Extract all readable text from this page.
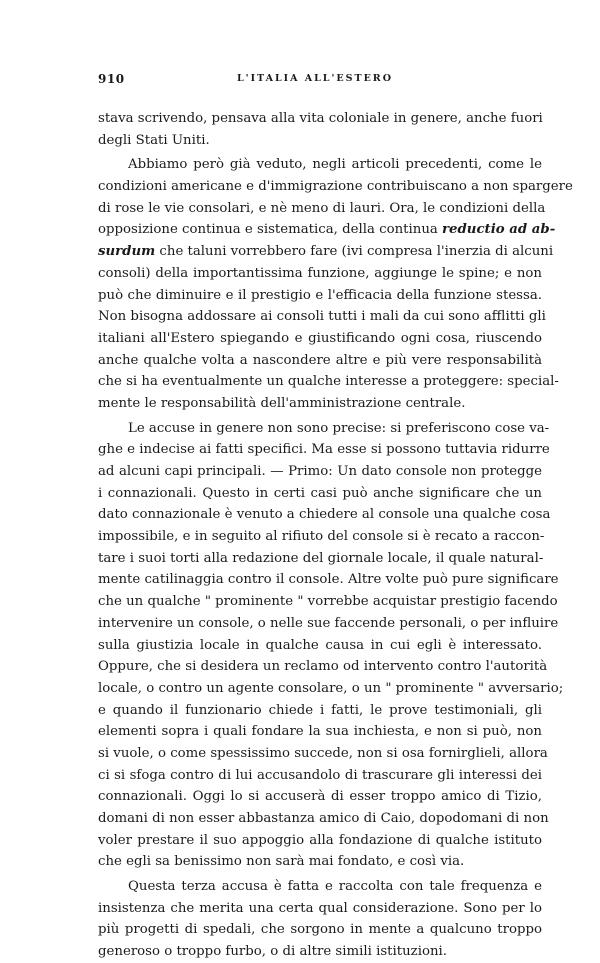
910	L'ITALIA ALL'ESTERO
stava scrivendo, pensava alla vita coloniale in genere, anche fuori
degli Stati Uniti.
Abbiamo però già veduto, negli articoli precedenti, come le
condizioni americane e d'immigrazione contribuiscano a non spargere
di rose le vie consolari, e nè meno di lauri. Ora, le condizioni della
opposizione continua e sistematica, della continua reductio ad ab-
surdum che taluni vorrebbero fare (ivi compresa l'inerzia di alcuni
consoli) della importantissima funzione, aggiunge le spine; e non
può che diminuire e il prestigio e l'efficacia della funzione stessa.
Non bisogna addossare ai consoli tutti i mali da cui sono afflitti gli
italiani all'Estero spiegando e giustificando ogni cosa, riuscendo
anche qualche volta a nascondere altre e più vere responsabilità
che si ha eventualmente un qualche interesse a proteggere: special-
mente le responsabilità dell'amministrazione centrale.
Le accuse in genere non sono precise: si preferiscono cose va-
ghe e indecise ai fatti specifici. Ma esse si possono tuttavia ridurre
ad alcuni capi principali. — Primo: Un dato console non protegge
i connazionali. Questo in certi casi può anche significare che un
dato connazionale è venuto a chiedere al console una qualche cosa
impossibile, e in seguito al rifiuto del console si è recato a raccon-
tare i suoi torti alla redazione del giornale locale, il quale natural-
mente catilinaggia contro il console. Altre volte può pure significare
che un qualche " prominente " vorrebbe acquistar prestigio facendo
intervenire un console, o nelle sue faccende personali, o per influire
sulla giustizia locale in qualche causa in cui egli è interessato.
Oppure, che si desidera un reclamo od intervento contro l'autorità
locale, o contro un agente consolare, o un " prominente " avversario;
e quando il funzionario chiede i fatti, le prove testimoniali, gli
elementi sopra i quali fondare la sua inchiesta, e non si può, non
si vuole, o come spessissimo succede, non si osa fornirglieli, allora
ci si sfoga contro di lui accusandolo di trascurare gli interessi dei
connazionali. Oggi lo si accuserà di esser troppo amico di Tizio,
domani di non esser abbastanza amico di Caio, dopodomani di non
voler prestare il suo appoggio alla fondazione di qualche istituto
che egli sa benissimo non sarà mai fondato, e così via.
Questa terza accusa è fatta e raccolta con tale frequenza e
insistenza che merita una certa qual considerazione. Sono per lo
più progetti di spedali, che sorgono in mente a qualcuno troppo
generoso o troppo furbo, o di altre simili istituzioni.
